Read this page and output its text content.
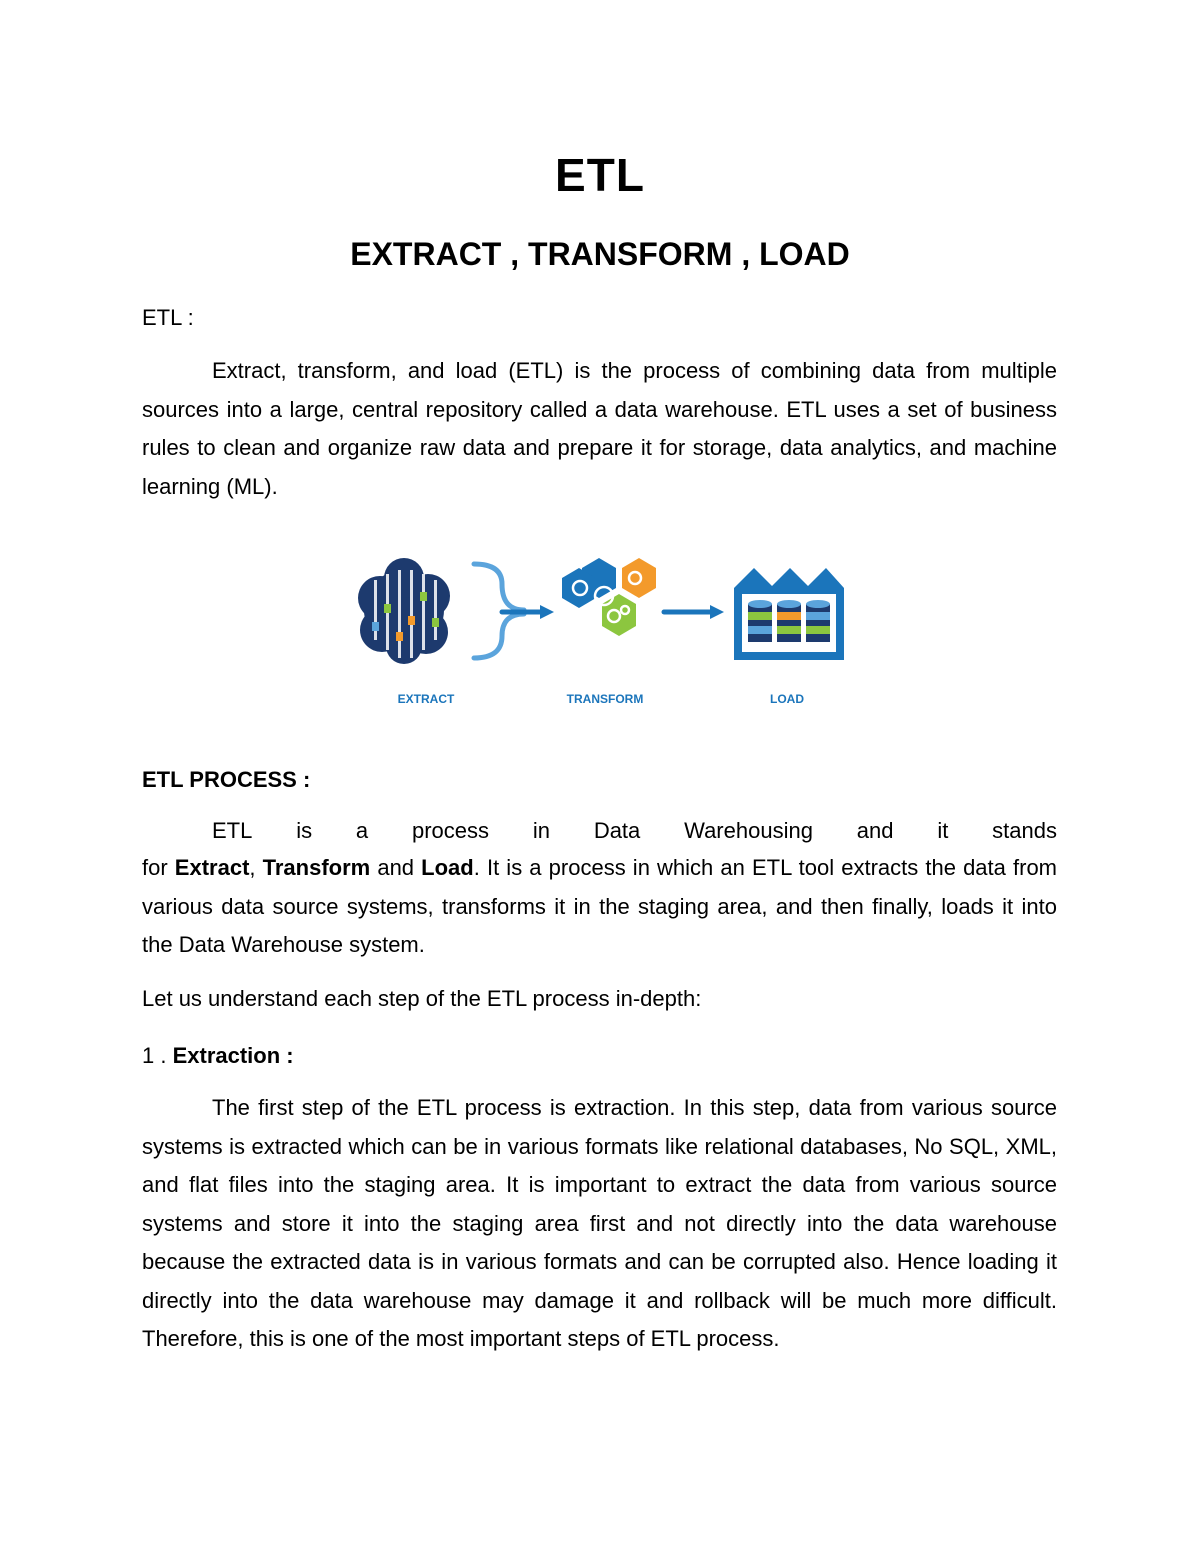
ETL
EXTRACT , TRANSFORM , LOAD
ETL :

Extract, transform, and load (ETL) is the process of combining data from multiple sources into a large, central repository called a data warehouse. ETL uses a set of business rules to clean and organize raw data and prepare it for storage, data analytics, and machine learning (ML).

EXTRACT	TRANSFORM	LOAD
ETL PROCESS :
ETL is a process in Data Warehousing and it stands

for Extract, Transform and Load. It is a process in which an ETL tool extracts the data from various data source systems, transforms it in the staging area, and then finally, loads it into the Data Warehouse system.

Let us understand each step of the ETL process in-depth:
1 . Extraction :

The first step of the ETL process is extraction. In this step, data from various source systems is extracted which can be in various formats like relational databases, No SQL, XML, and flat files into the staging area. It is important to extract the data from various source systems and store it into the staging area first and not directly into the data warehouse because the extracted data is in various formats and can be corrupted also. Hence loading it directly into the data warehouse may damage it and rollback will be much more difficult. Therefore, this is one of the most important steps of ETL process.
